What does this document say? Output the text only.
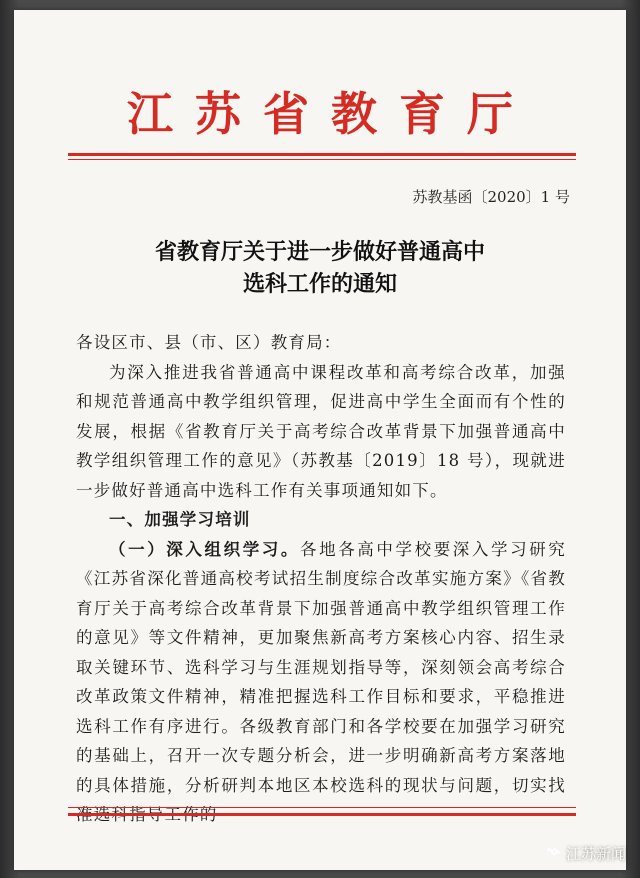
江苏省教育厅
苏教基函〔2020〕1 号
省教育厅关于进一步做好普通高中
选科工作的通知

各设区市、县（市、区）教育局：

为深入推进我省普通高中课程改革和高考综合改革，加强和规范普通高中教学组织管理，促进高中学生全面而有个性的发展，根据《省教育厅关于高考综合改革背景下加强普通高中教学组织管理工作的意见》（苏教基〔2019〕18 号），现就进一步做好普通高中选科工作有关事项通知如下。

一、加强学习培训

（一）深入组织学习。各地各高中学校要深入学习研究《江苏省深化普通高校考试招生制度综合改革实施方案》《省教育厅关于高考综合改革背景下加强普通高中教学组织管理工作的意见》等文件精神，更加聚焦新高考方案核心内容、招生录取关键环节、选科学习与生涯规划指导等，深刻领会高考综合改革政策文件精神，精准把握选科工作目标和要求，平稳推进选科工作有序进行。各级教育部门和各学校要在加强学习研究的基础上，召开一次专题分析会，进一步明确新高考方案落地的具体措施，分析研判本地区本校选科的现状与问题，切实找

江苏新闻
